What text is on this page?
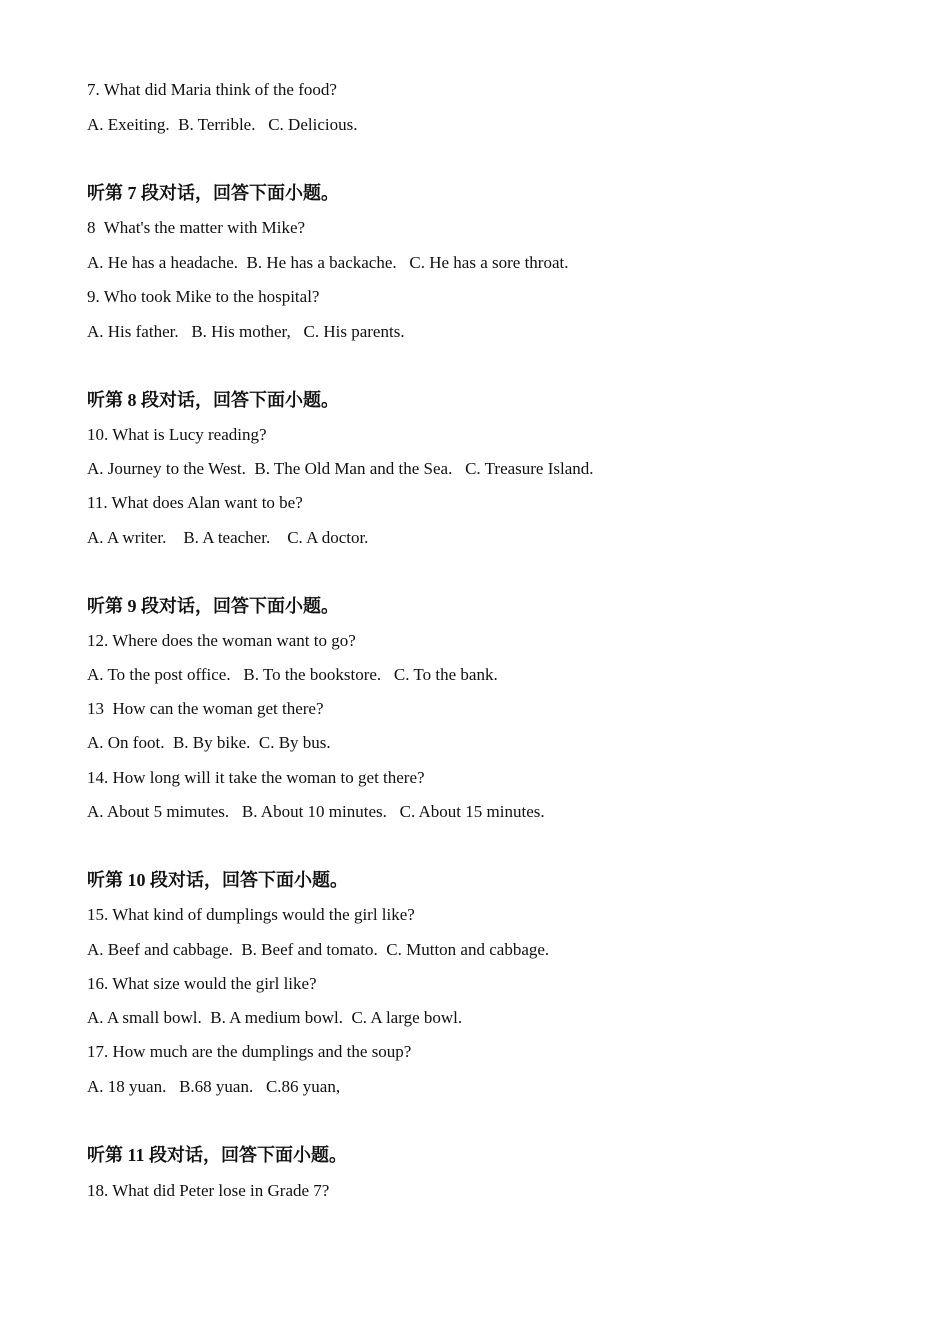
7. What did Maria think of the food?
A. Exeiting.  B. Terrible.   C. Delicious.
听第 7 段对话，回答下面小题。
8  What's the matter with Mike?
A. He has a headache.  B. He has a backache.   C. He has a sore throat.
9. Who took Mike to the hospital?
A. His father.   B. His mother,   C. His parents.
听第 8 段对话，回答下面小题。
10. What is Lucy reading?
A. Journey to the West.  B. The Old Man and the Sea.   C. Treasure Island.
11. What does Alan want to be?
A. A writer.    B. A teacher.    C. A doctor.
听第 9 段对话，回答下面小题。
12. Where does the woman want to go?
A. To the post office.   B. To the bookstore.   C. To the bank.
13  How can the woman get there?
A. On foot.  B. By bike.  C. By bus.
14. How long will it take the woman to get there?
A. About 5 mimutes.   B. About 10 minutes.   C. About 15 minutes.
听第 10 段对话，回答下面小题。
15. What kind of dumplings would the girl like?
A. Beef and cabbage.  B. Beef and tomato.  C. Mutton and cabbage.
16. What size would the girl like?
A. A small bowl.  B. A medium bowl.  C. A large bowl.
17. How much are the dumplings and the soup?
A. 18 yuan.   B.68 yuan.   C.86 yuan,
听第 11 段对话，回答下面小题。
18. What did Peter lose in Grade 7?
